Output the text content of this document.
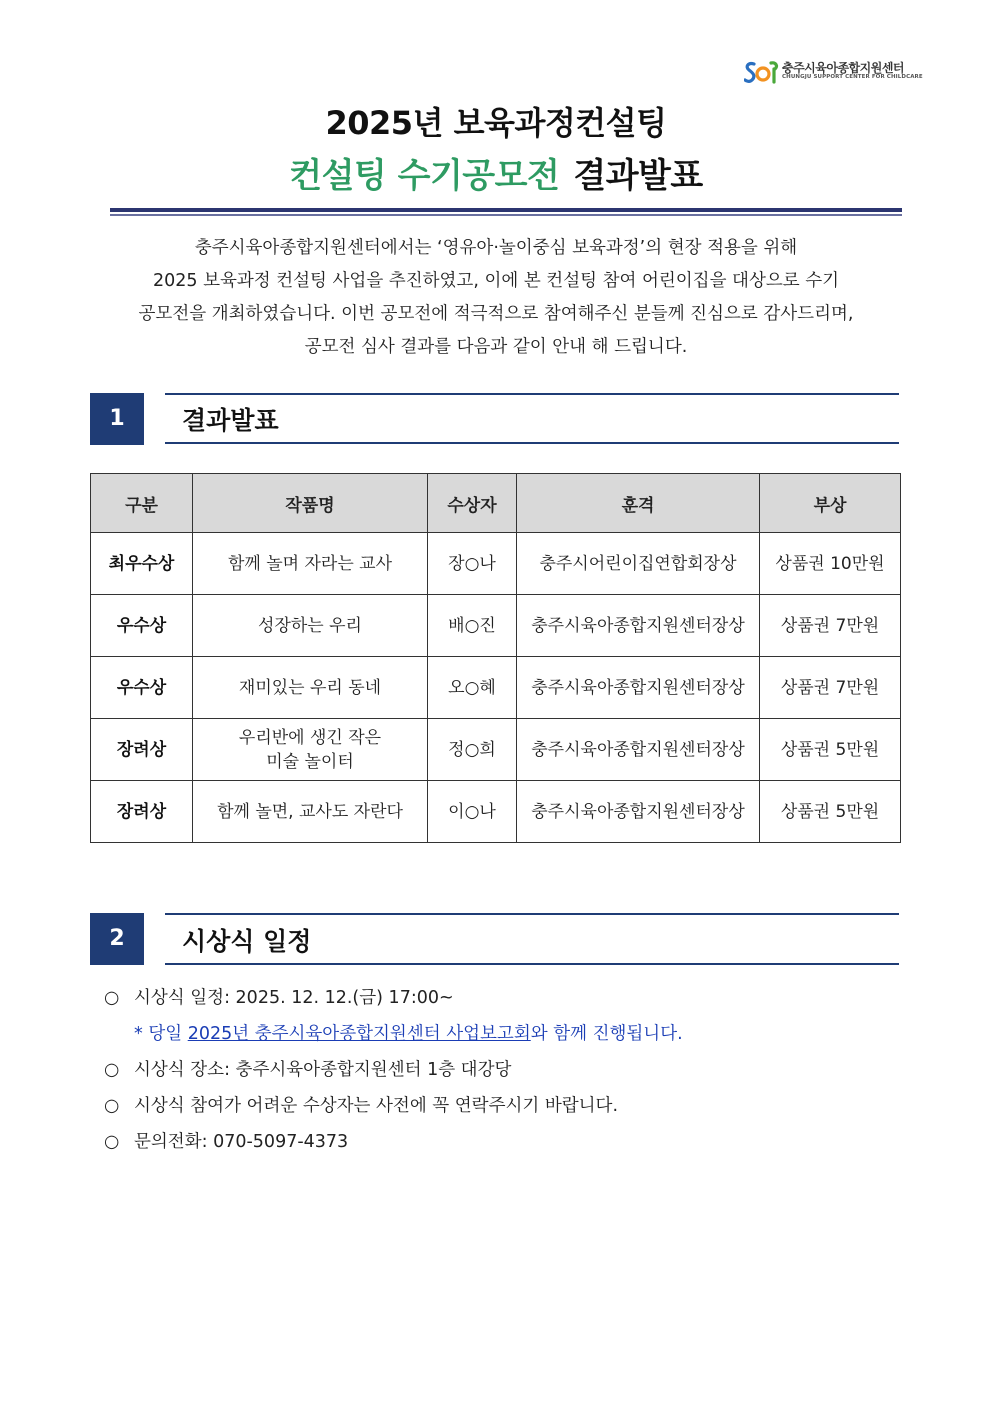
충주시육아종합지원센터
CHUNGJU SUPPORT CENTER FOR CHILDCARE
2025년 보육과정컨설팅
컨설팅 수기공모전 결과발표
충주시육아종합지원센터에서는 ‘영유아·놀이중심 보육과정’의 현장 적용을 위해
2025 보육과정 컨설팅 사업을 추진하였고, 이에 본 컨설팅 참여 어린이집을 대상으로 수기
공모전을 개최하였습니다. 이번 공모전에 적극적으로 참여해주신 분들께 진심으로 감사드리며,
공모전 심사 결과를 다음과 같이 안내 해 드립니다.
1	결과발표
구분	작품명	수상자	훈격	부상
최우수상	함께 놀며 자라는 교사	장○나	충주시어린이집연합회장상	상품권 10만원
우수상	성장하는 우리	배○진	충주시육아종합지원센터장상	상품권 7만원
우수상	재미있는 우리 동네	오○혜	충주시육아종합지원센터장상	상품권 7만원
장려상	우리반에 생긴 작은
미술 놀이터	정○희	충주시육아종합지원센터장상	상품권 5만원
장려상	함께 놀면, 교사도 자란다	이○나	충주시육아종합지원센터장상	상품권 5만원
2	시상식 일정
○ 시상식 일정: 2025. 12. 12.(금) 17:00~
* 당일 2025년 충주시육아종합지원센터 사업보고회와 함께 진행됩니다.
○ 시상식 장소: 충주시육아종합지원센터 1층 대강당
○ 시상식 참여가 어려운 수상자는 사전에 꼭 연락주시기 바랍니다.
○ 문의전화: 070-5097-4373
